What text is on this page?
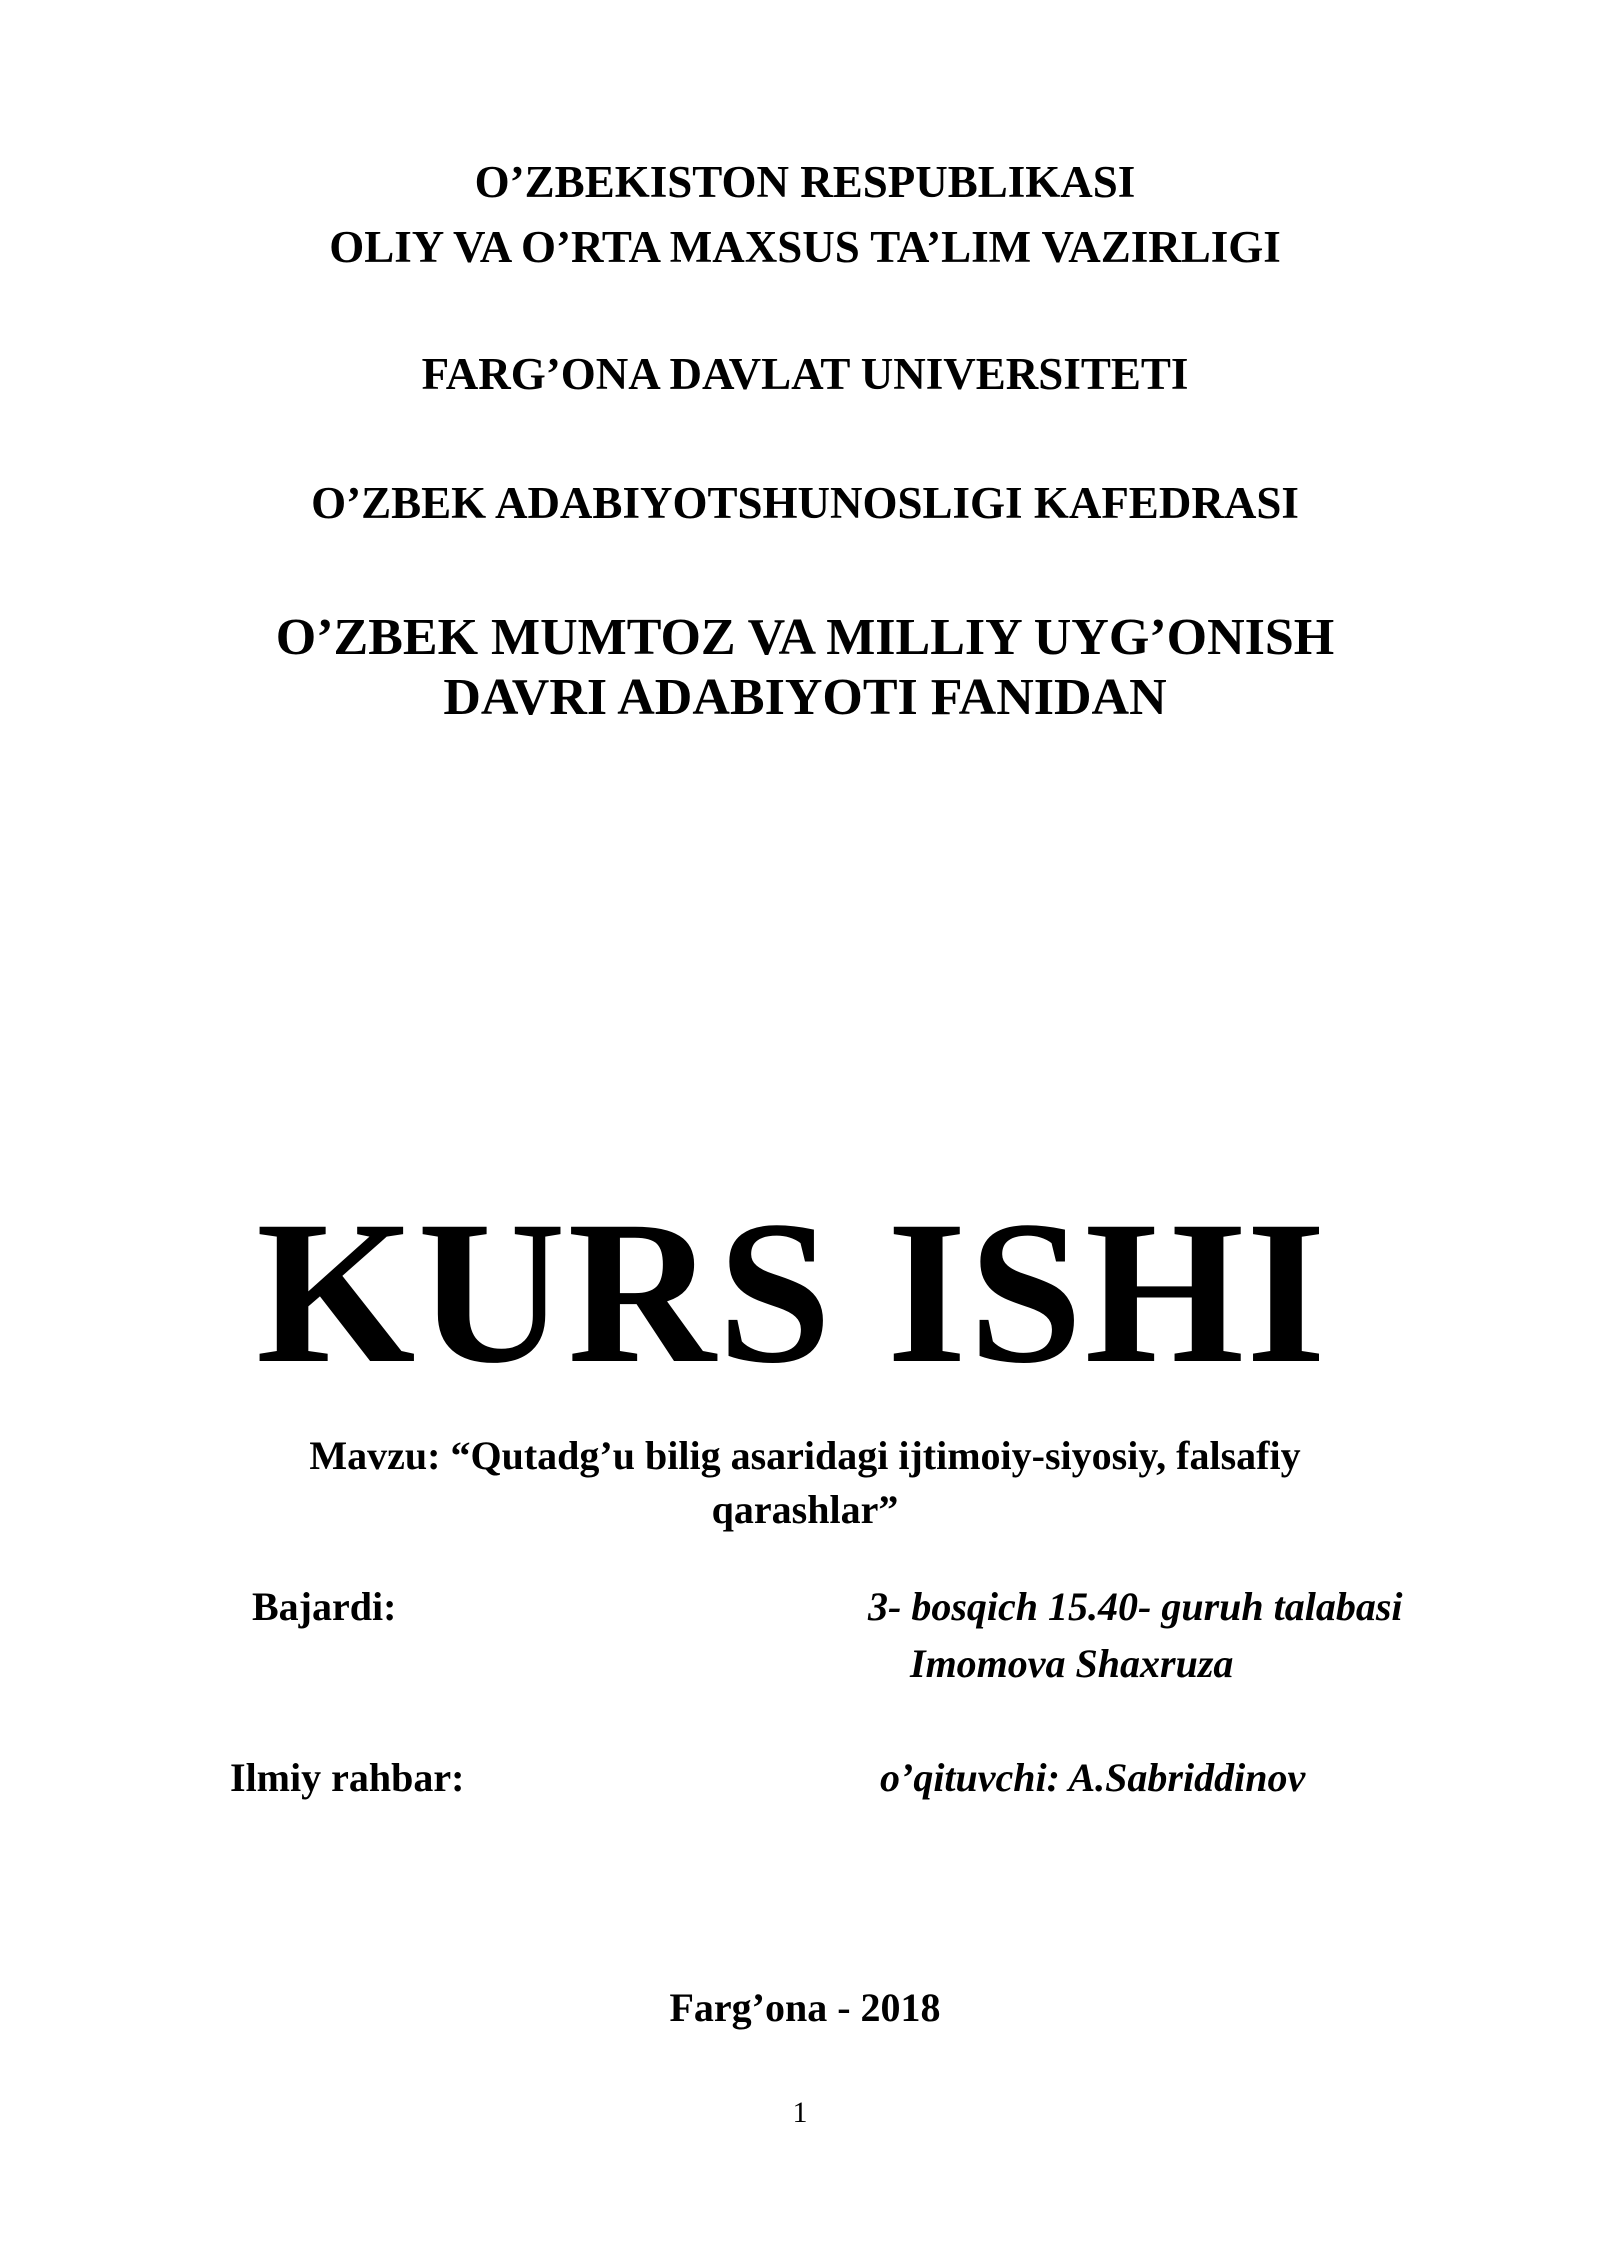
O’ZBEKISTON RESPUBLIKASI
OLIY VA O’RTA MAXSUS TA’LIM VAZIRLIGI
FARG’ONA DAVLAT UNIVERSITETI
O’ZBEK ADABIYOTSHUNOSLIGI KAFEDRASI
O’ZBEK MUMTOZ VA MILLIY UYG’ONISH
DAVRI ADABIYOTI FANIDAN
KURS ISHI
Mavzu: “Qutadg’u bilig asaridagi ijtimoiy-siyosiy, falsafiy
qarashlar”
Bajardi:	3- bosqich 15.40- guruh talabasi
Imomova Shaxruza
Ilmiy rahbar:	o’qituvchi: A.Sabriddinov
Farg’ona - 2018
1
